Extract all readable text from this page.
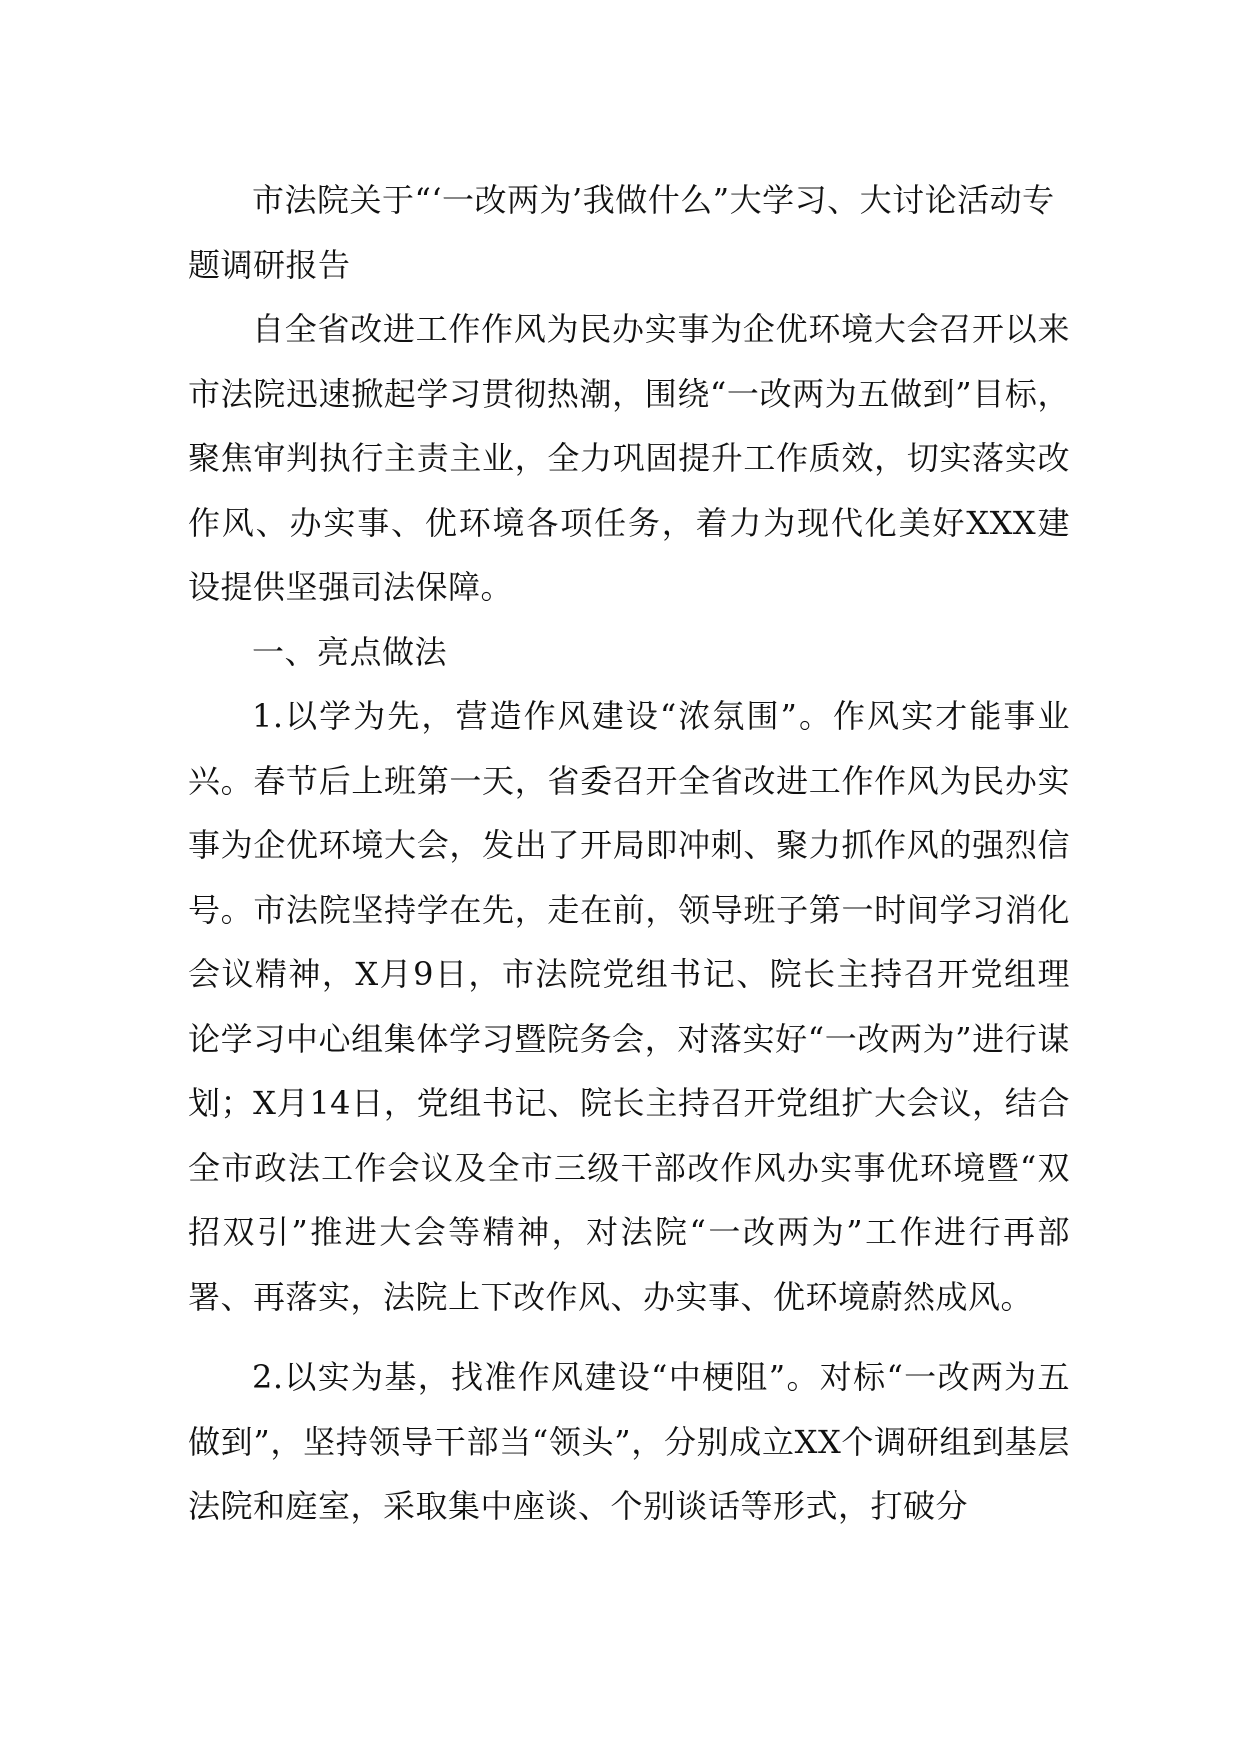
市法院关于“‘一改两为’我做什么”大学习、大讨论活动专题调研报告

自全省改进工作作风为民办实事为企优环境大会召开以来市法院迅速掀起学习贯彻热潮，围绕“一改两为五做到”目标，聚焦审判执行主责主业，全力巩固提升工作质效，切实落实改作风、办实事、优环境各项任务，着力为现代化美好XXX建设提供坚强司法保障。

一、亮点做法

1.以学为先，营造作风建设“浓氛围”。作风实才能事业兴。春节后上班第一天，省委召开全省改进工作作风为民办实事为企优环境大会，发出了开局即冲刺、聚力抓作风的强烈信号。市法院坚持学在先，走在前，领导班子第一时间学习消化会议精神，X月9日，市法院党组书记、院长主持召开党组理论学习中心组集体学习暨院务会，对落实好“一改两为”进行谋划；X月14日，党组书记、院长主持召开党组扩大会议，结合全市政法工作会议及全市三级干部改作风办实事优环境暨“双招双引”推进大会等精神，对法院“一改两为”工作进行再部署、再落实，法院上下改作风、办实事、优环境蔚然成风。

2.以实为基，找准作风建设“中梗阻”。对标“一改两为五做到”，坚持领导干部当“领头”，分别成立XX个调研组到基层法院和庭室，采取集中座谈、个别谈话等形式，打破分
